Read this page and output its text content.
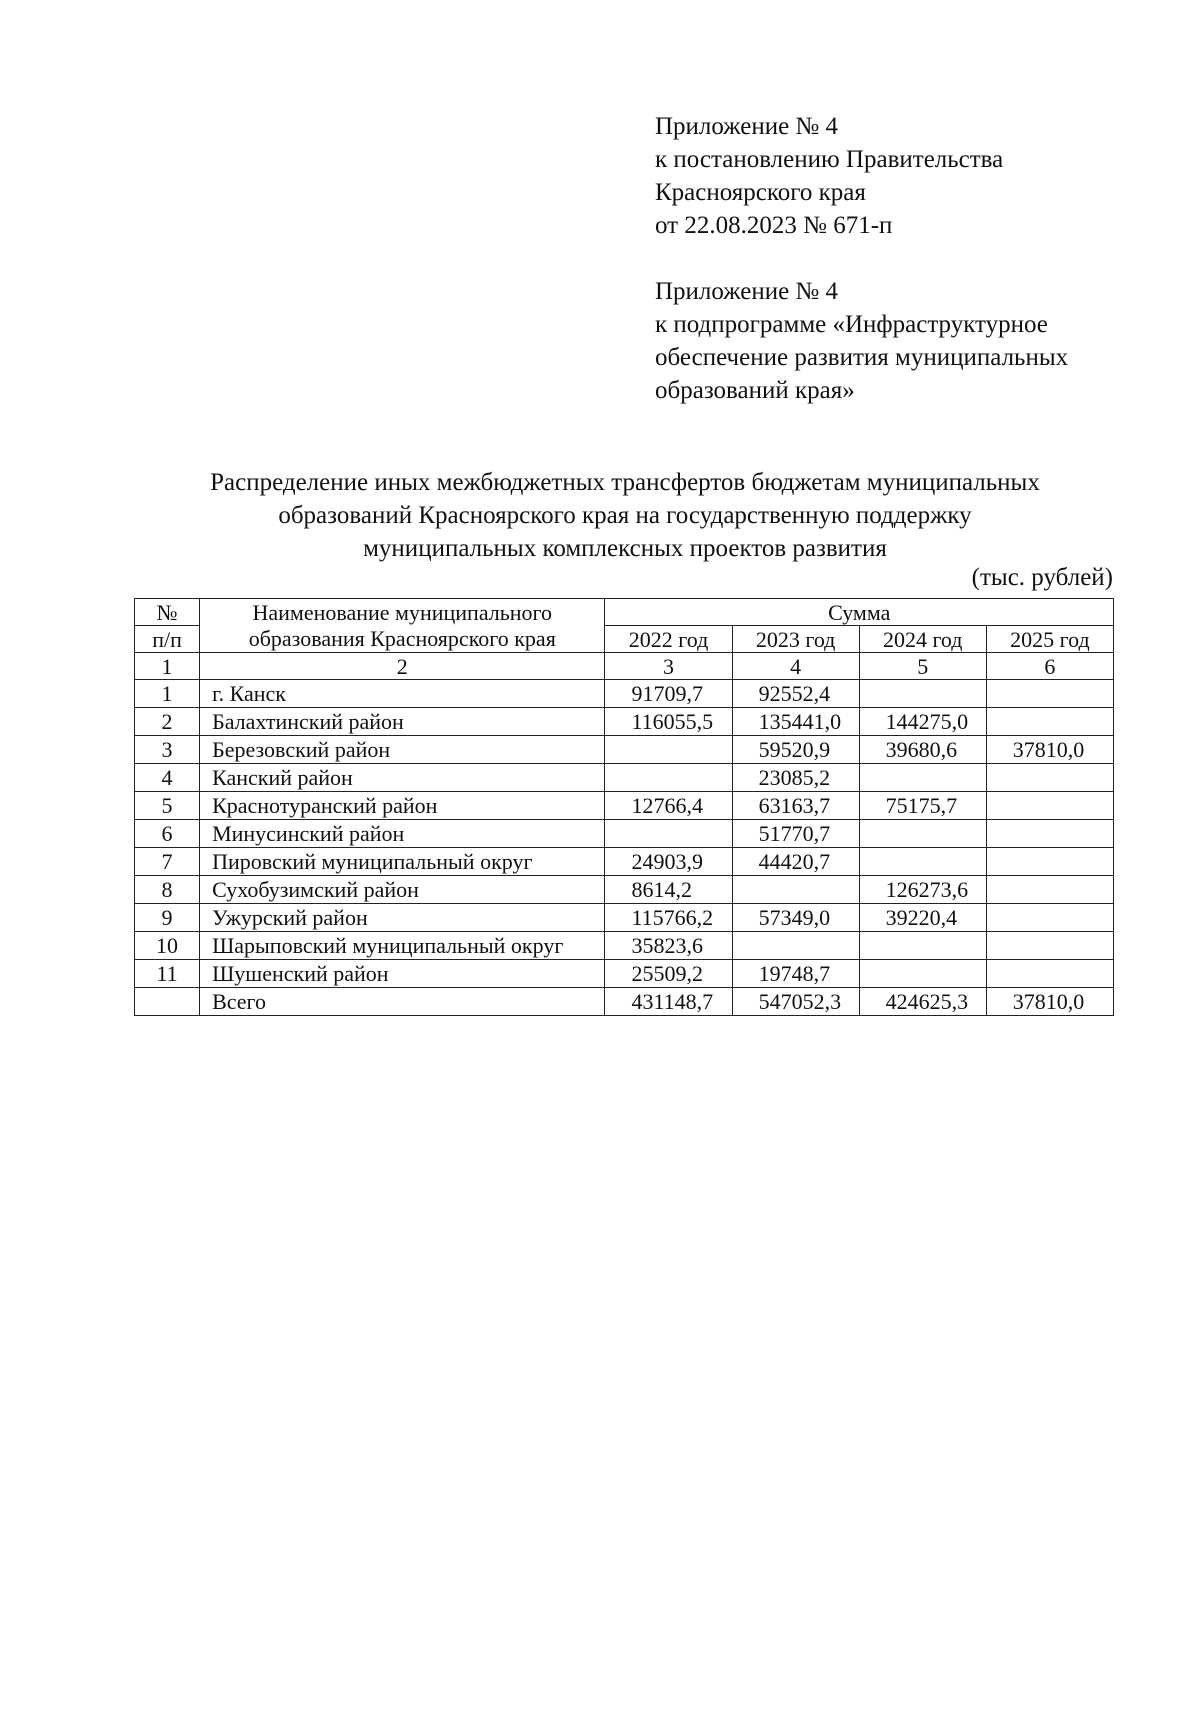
Приложение № 4
к постановлению Правительства
Красноярского края
от 22.08.2023 № 671-п
Приложение № 4
к подпрограмме «Инфраструктурное
обеспечение развития муниципальных
образований края»
Распределение иных межбюджетных трансфертов бюджетам муниципальных
образований Красноярского края на государственную поддержку
муниципальных комплексных проектов развития
(тыс. рублей)
№	Наименование муниципального	Сумма			
п/п	образования Красноярского края	2022 год	2023 год	2024 год	2025 год
1	2	3	4	5	6
1	г. Канск	91709,7	92552,4		
2	Балахтинский район	116055,5	135441,0	144275,0	
3	Березовский район		59520,9	39680,6	37810,0
4	Канский район		23085,2		
5	Краснотуранский район	12766,4	63163,7	75175,7	
6	Минусинский район		51770,7		
7	Пировский муниципальный округ	24903,9	44420,7		
8	Сухобузимский район	8614,2		126273,6	
9	Ужурский район	115766,2	57349,0	39220,4	
10	Шарыповский муниципальный округ	35823,6			
11	Шушенский район	25509,2	19748,7		
	Всего	431148,7	547052,3	424625,3	37810,0
